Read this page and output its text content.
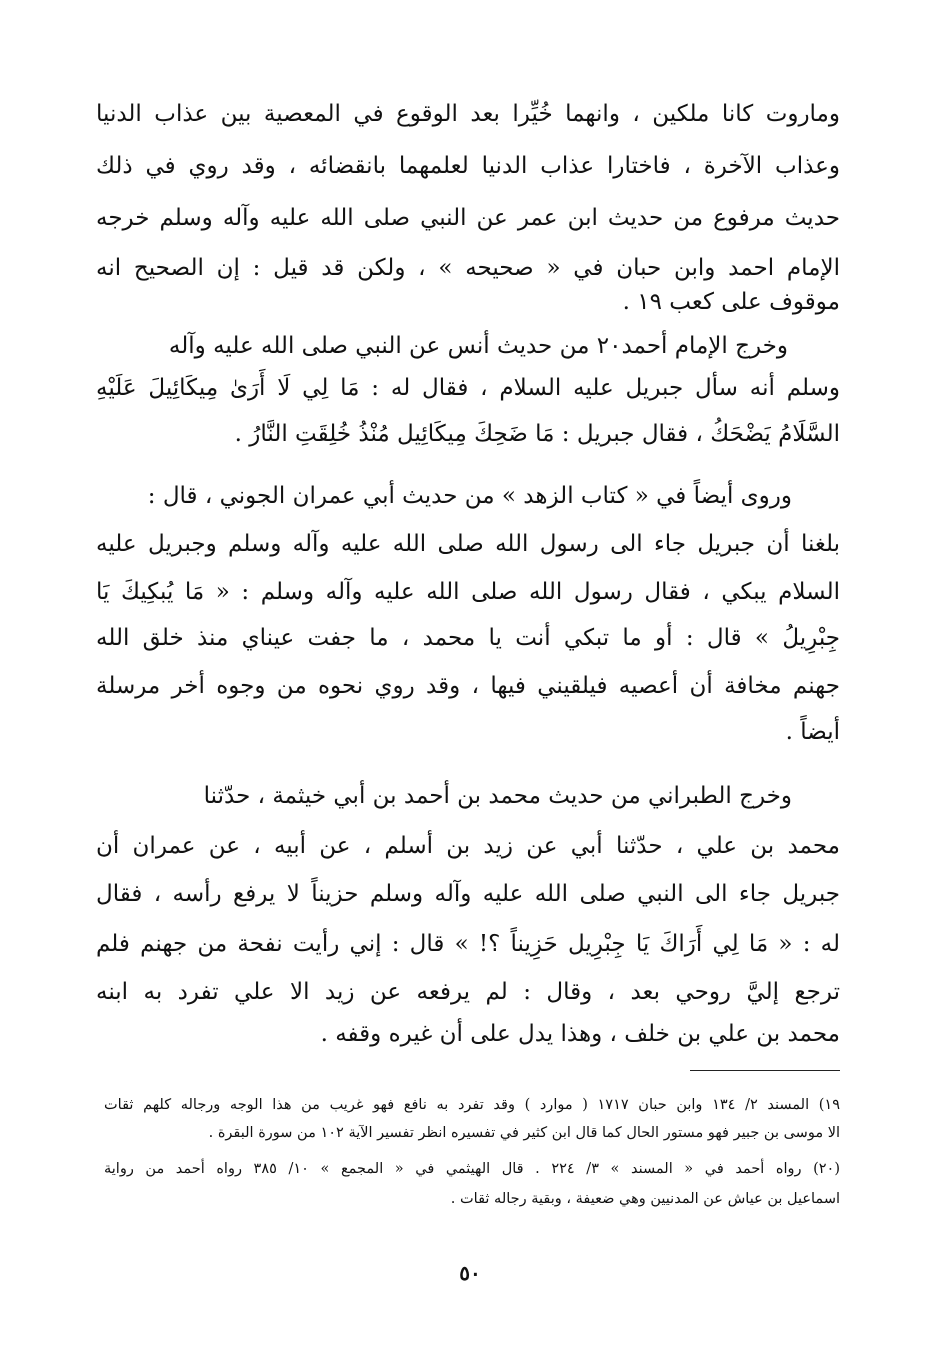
وماروت كانا ملكين ، وانهما خُيِّرا بعد الوقوع في المعصية بين عذاب الدنيا
وعذاب الآخرة ، فاختارا عذاب الدنيا لعلمهما بانقضائه ، وقد روي في ذلك
حديث مرفوع من حديث ابن عمر عن النبي صلى الله عليه وآله وسلم خرجه
الإمام احمد وابن حبان في « صحيحه » ، ولكن قد قيل : إن الصحيح انه
موقوف على كعب ١٩ .
وخرج الإمام أحمد٢٠ من حديث أنس عن النبي صلى الله عليه وآله
وسلم أنه سأل جبريل عليه السلام ، فقال له : مَا لِي لَا أَرَىٰ مِيكَائِيلَ عَلَيْهِ
السَّلَامُ يَضْحَكُ ، فقال جبريل : مَا ضَحِكَ مِيكَائِيل مُنْذُ خُلِقَتِ النَّارُ .
وروى أيضاً في « كتاب الزهد » من حديث أبي عمران الجوني ، قال :
بلغنا أن جبريل جاء الى رسول الله صلى الله عليه وآله وسلم وجبريل عليه
السلام يبكي ، فقال رسول الله صلى الله عليه وآله وسلم : « مَا يُبكِيكَ يَا
جِبْرِيلُ » قال : أو ما تبكي أنت يا محمد ، ما جفت عيناي منذ خلق الله
جهنم مخافة أن أعصيه فيلقيني فيها ، وقد روي نحوه من وجوه أخر مرسلة
أيضاً .
وخرج الطبراني من حديث محمد بن أحمد بن أبي خيثمة ، حدّثنا
محمد بن علي ، حدّثنا أبي عن زيد بن أسلم ، عن أبيه ، عن عمران أن
جبريل جاء الى النبي صلى الله عليه وآله وسلم حزيناً لا يرفع رأسه ، فقال
له : « مَا لِي أَرَاكَ يَا جِبْرِيل حَزِيناً ؟! » قال : إني رأيت نفحة من جهنم فلم
ترجع إليَّ روحي بعد ، وقال : لم يرفعه عن زيد الا علي تفرد به ابنه
محمد بن علي بن خلف ، وهذا يدل على أن غيره وقفه .
١٩) المسند ٢/ ١٣٤ وابن حبان ١٧١٧ ( موارد ) وقد تفرد به نافع فهو غريب من هذا الوجه ورجاله كلهم ثقات
الا موسى بن جبير فهو مستور الحال كما قال ابن كثير في تفسيره انظر تفسير الآية ١٠٢ من سورة البقرة .
(٢٠) رواه أحمد في « المسند » ٣/ ٢٢٤ . قال الهيثمي في « المجمع » ١٠/ ٣٨٥ رواه أحمد من رواية
اسماعيل بن عياش عن المدنيين وهي ضعيفة ، وبقية رجاله ثقات .
٥٠
